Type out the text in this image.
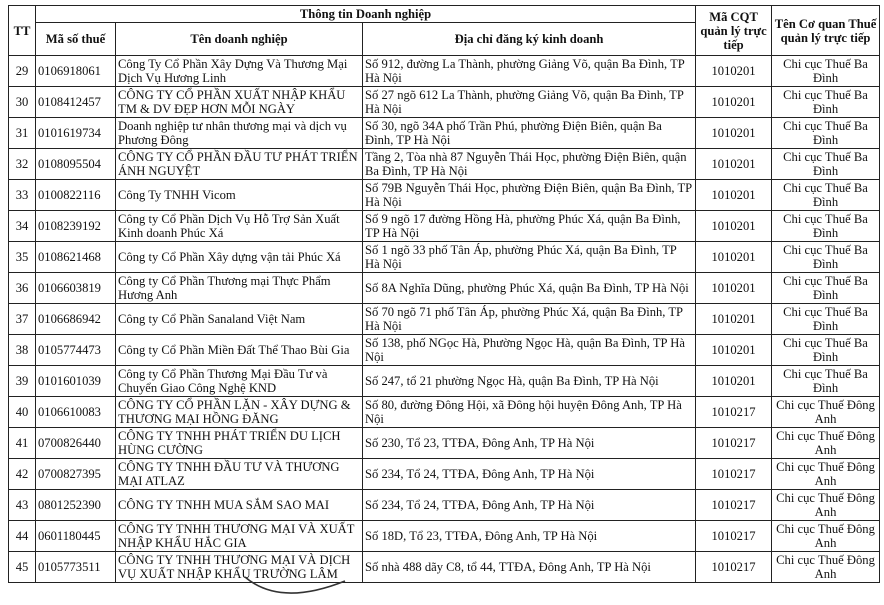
TT	Thông tin Doanh nghiệp			Mã CQT quản lý trực tiếp	Tên Cơ quan Thuế quản lý trực tiếp
	Mã số thuế	Tên doanh nghiệp	Địa chỉ đăng ký kinh doanh		
29	0106918061	Công Ty Cổ Phần Xây Dựng Và Thương Mại Dịch Vụ Hương Linh	Số 912, đường La Thành, phường Giảng Võ, quận Ba Đình, TP Hà Nội	1010201	Chi cục Thuế Ba Đình
30	0108412457	CÔNG TY CỔ PHẦN XUẤT NHẬP KHẨU TM & DV ĐẸP HƠN MỖI NGÀY	Số 27 ngõ 612 La Thành, phường Giảng Võ, quận Ba Đình, TP Hà Nội	1010201	Chi cục Thuế Ba Đình
31	0101619734	Doanh nghiệp tư nhân thương mại và dịch vụ Phương Đông	Số 30, ngõ 34A phố Trần Phú, phường Điện Biên, quận Ba Đình, TP Hà Nội	1010201	Chi cục Thuế Ba Đình
32	0108095504	CÔNG TY CỔ PHẦN ĐẦU TƯ PHÁT TRIỂN ÁNH NGUYỆT	Tầng 2, Tòa nhà 87 Nguyễn Thái Học, phường Điện Biên, quận Ba Đình, TP Hà Nội	1010201	Chi cục Thuế Ba Đình
33	0100822116	Công Ty TNHH Vicom	Số 79B Nguyễn Thái Học, phường Điện Biên, quận Ba Đình, TP Hà Nội	1010201	Chi cục Thuế Ba Đình
34	0108239192	Công ty Cổ Phần Dịch Vụ Hỗ Trợ Sản Xuất Kinh doanh Phúc Xá	Số 9 ngõ 17 đường Hồng Hà, phường Phúc Xá, quận Ba Đình, TP Hà Nội	1010201	Chi cục Thuế Ba Đình
35	0108621468	Công ty Cổ Phần Xây dựng vận tải Phúc Xá	Số 1 ngõ 33 phố Tân Áp, phường Phúc Xá, quận Ba Đình, TP Hà Nội	1010201	Chi cục Thuế Ba Đình
36	0106603819	Công ty Cổ Phần Thương mại Thực Phẩm Hương Anh	Số 8A Nghĩa Dũng, phường Phúc Xá, quận Ba Đình, TP Hà Nội	1010201	Chi cục Thuế Ba Đình
37	0106686942	Công ty Cổ Phần Sanaland Việt Nam	Số 70 ngõ 71 phố Tân Áp, phường Phúc Xá, quận Ba Đình, TP Hà Nội	1010201	Chi cục Thuế Ba Đình
38	0105774473	Công ty Cổ Phần Miền Đất Thể Thao Bùi Gia	Số 138, phố NGọc Hà, Phường Ngọc Hà, quận Ba Đình, TP Hà Nội	1010201	Chi cục Thuế Ba Đình
39	0101601039	Công ty Cổ Phần Thương Mại Đầu Tư và Chuyển Giao Công Nghệ KND	Số 247, tổ 21 phường Ngọc Hà, quận Ba Đình, TP Hà Nội	1010201	Chi cục Thuế Ba Đình
40	0106610083	CÔNG TY CỔ PHẦN LẶN - XÂY DỰNG & THƯƠNG MẠI HỒNG ĐĂNG	Số 80, đường Đông Hội, xã Đông hội huyện Đông Anh, TP Hà Nội	1010217	Chi cục Thuế Đông Anh
41	0700826440	CÔNG TY TNHH PHÁT TRIỂN DU LỊCH HÙNG CƯỜNG	Số 230, Tổ 23, TTĐA, Đông Anh, TP Hà Nội	1010217	Chi cục Thuế Đông Anh
42	0700827395	CÔNG TY TNHH ĐẦU TƯ VÀ THƯƠNG MẠI ATLAZ	Số 234, Tổ 24, TTĐA, Đông Anh, TP Hà Nội	1010217	Chi cục Thuế Đông Anh
43	0801252390	CÔNG TY TNHH MUA SẮM SAO MAI	Số 234, Tổ 24, TTĐA, Đông Anh, TP Hà Nội	1010217	Chi cục Thuế Đông Anh
44	0601180445	CÔNG TY TNHH THƯƠNG MẠI VÀ XUẤT NHẬP KHẨU HẮC GIA	Số 18D, Tổ 23, TTĐA, Đông Anh, TP Hà Nội	1010217	Chi cục Thuế Đông Anh
45	0105773511	CÔNG TY TNHH THƯƠNG MẠI VÀ DỊCH VỤ XUẤT NHẬP KHẨU TRƯỜNG LÂM	Số nhà 488 dãy C8, tổ 44, TTĐA, Đông Anh, TP Hà Nội	1010217	Chi cục Thuế Đông Anh
